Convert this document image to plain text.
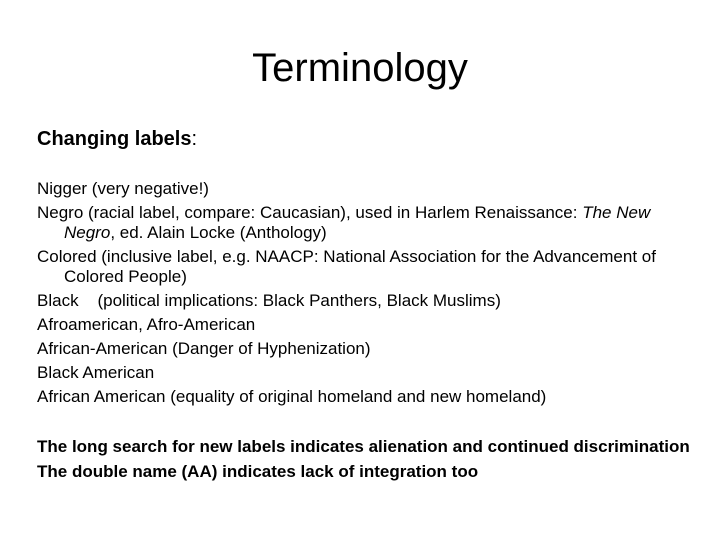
Terminology

Changing labels:

Nigger (very negative!)
Negro (racial label, compare: Caucasian), used in Harlem Renaissance: The New Negro, ed. Alain Locke (Anthology)
Colored (inclusive label, e.g. NAACP: National Association for the Advancement of Colored People)
Black    (political implications: Black Panthers, Black Muslims)
Afroamerican, Afro-American
African-American (Danger of Hyphenization)
Black American
African American (equality of original homeland and new homeland)
The long search for new labels indicates alienation and continued discrimination
The double name (AA) indicates lack of integration too
